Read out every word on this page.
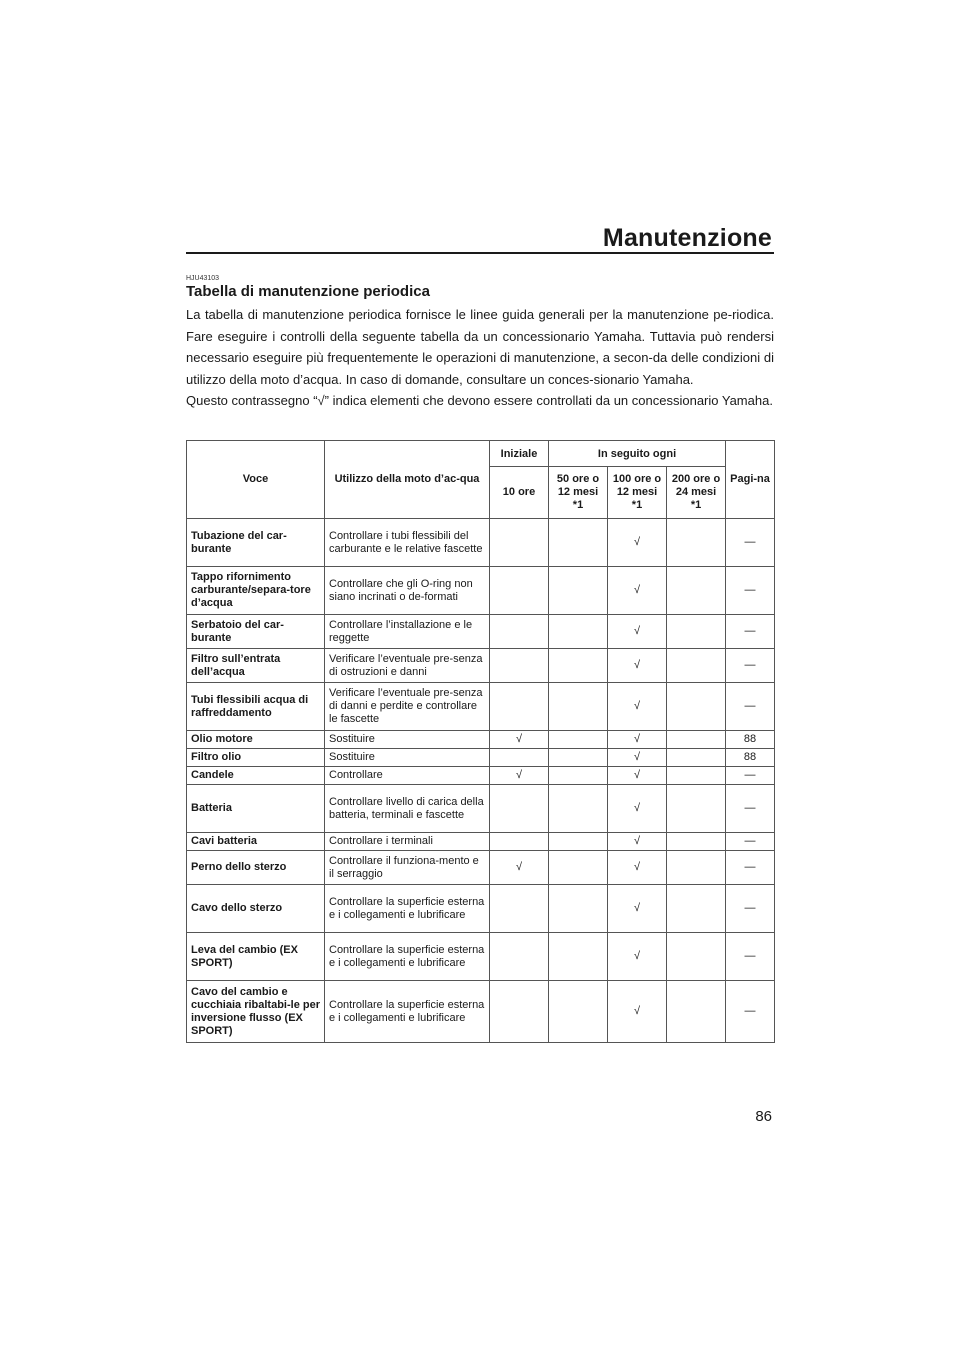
Manutenzione
HJU43103
Tabella di manutenzione periodica

La tabella di manutenzione periodica fornisce le linee guida generali per la manutenzione pe-riodica. Fare eseguire i controlli della seguente tabella da un concessionario Yamaha. Tuttavia può rendersi necessario eseguire più frequentemente le operazioni di manutenzione, a secon-da delle condizioni di utilizzo della moto d’acqua. In caso di domande, consultare un conces-sionario Yamaha.

Questo contrassegno “√” indica elementi che devono essere controllati da un concessionario Yamaha.

Voce	Utilizzo della moto d’ac-qua	Iniziale	In seguito ogni			Pagi-na
		10 ore	50 ore o 12 mesi *1	100 ore o 12 mesi *1	200 ore o 24 mesi *1	
Tubazione del car-burante	Controllare i tubi flessibili del carburante e le relative fascette			√		—
Tappo rifornimento carburante/separa-tore d’acqua	Controllare che gli O-ring non siano incrinati o de-formati			√		—
Serbatoio del car-burante	Controllare l’installazione e le reggette			√		—
Filtro sull’entrata dell’acqua	Verificare l’eventuale pre-senza di ostruzioni e danni			√		—
Tubi flessibili acqua di raffreddamento	Verificare l’eventuale pre-senza di danni e perdite e controllare le fascette			√		—
Olio motore	Sostituire	√		√		88
Filtro olio	Sostituire			√		88
Candele	Controllare	√		√		—
Batteria	Controllare livello di carica della batteria, terminali e fascette			√		—
Cavi batteria	Controllare i terminali			√		—
Perno dello sterzo	Controllare il funziona-mento e il serraggio	√		√		—
Cavo dello sterzo	Controllare la superficie esterna e i collegamenti e lubrificare			√		—
Leva del cambio (EX SPORT)	Controllare la superficie esterna e i collegamenti e lubrificare			√		—
Cavo del cambio e cucchiaia ribaltabi-le per inversione flusso (EX SPORT)	Controllare la superficie esterna e i collegamenti e lubrificare			√		—
86
